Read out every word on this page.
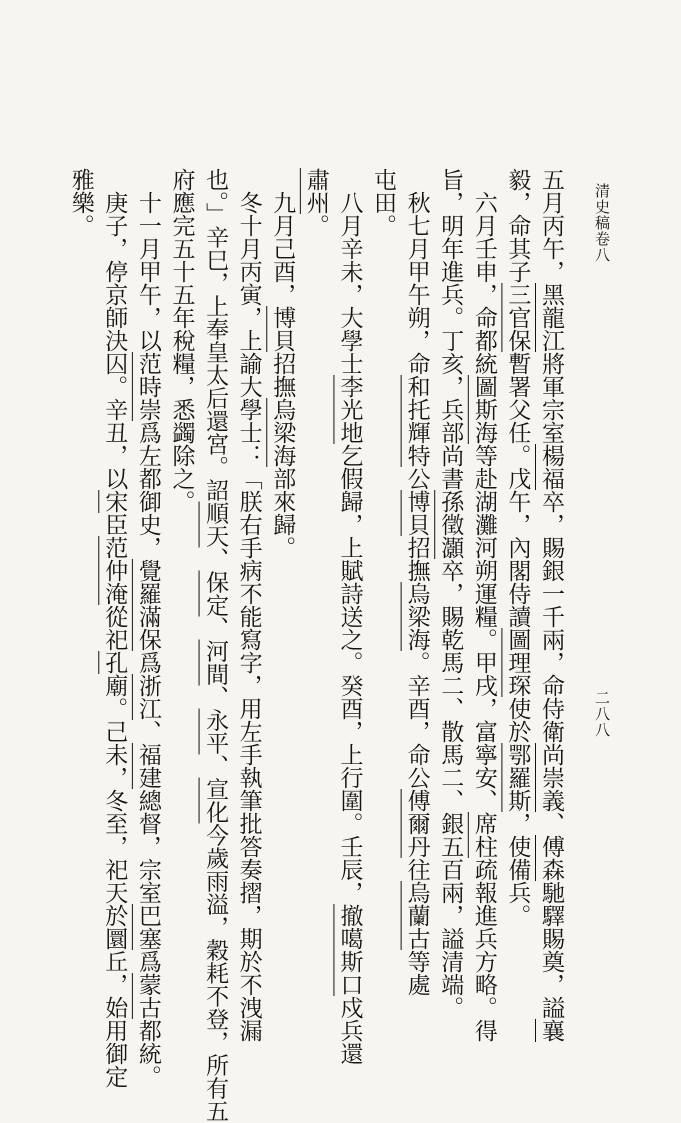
清史稿卷八
二八八
五月丙午，黑龍江將軍宗室楊福卒，賜銀一千兩，命侍衛尚崇義、傅森馳驛賜奠，謚襄
毅，命其子三官保暫署父任。戊午，內閣侍讀圖理琛使於鄂羅斯，使備兵。
　六月壬申，命都統圖斯海等赴湖灘河朔運糧。甲戌，富寧安、席柱疏報進兵方略。得
旨，明年進兵。丁亥，兵部尚書孫徵灝卒，賜乾馬二、散馬二、銀五百兩，謚清端。
　秋七月甲午朔，命和托輝特公博貝招撫烏梁海。辛酉，命公傅爾丹往烏蘭古等處
屯田。
　八月辛未，大學士李光地乞假歸，上賦詩送之。癸酉，上行圍。壬辰，撤噶斯口戍兵還
肅州。
　九月己酉，博貝招撫烏梁海部來歸。
　冬十月丙寅，上諭大學士：「朕右手病不能寫字，用左手執筆批答奏摺，期於不洩漏
也。」辛巳，上奉皇太后還宮。詔順天、保定、河間、永平、宣化今歲雨溢，穀耗不登，所有五
府應完五十五年稅糧，悉蠲除之。
　十一月甲午，以范時崇爲左都御史，覺羅滿保爲浙江、福建總督，宗室巴塞爲蒙古都統。
　庚子，停京師決囚。辛丑，以宋臣范仲淹從祀孔廟。己未，冬至，祀天於圜丘，始用御定
雅樂。
